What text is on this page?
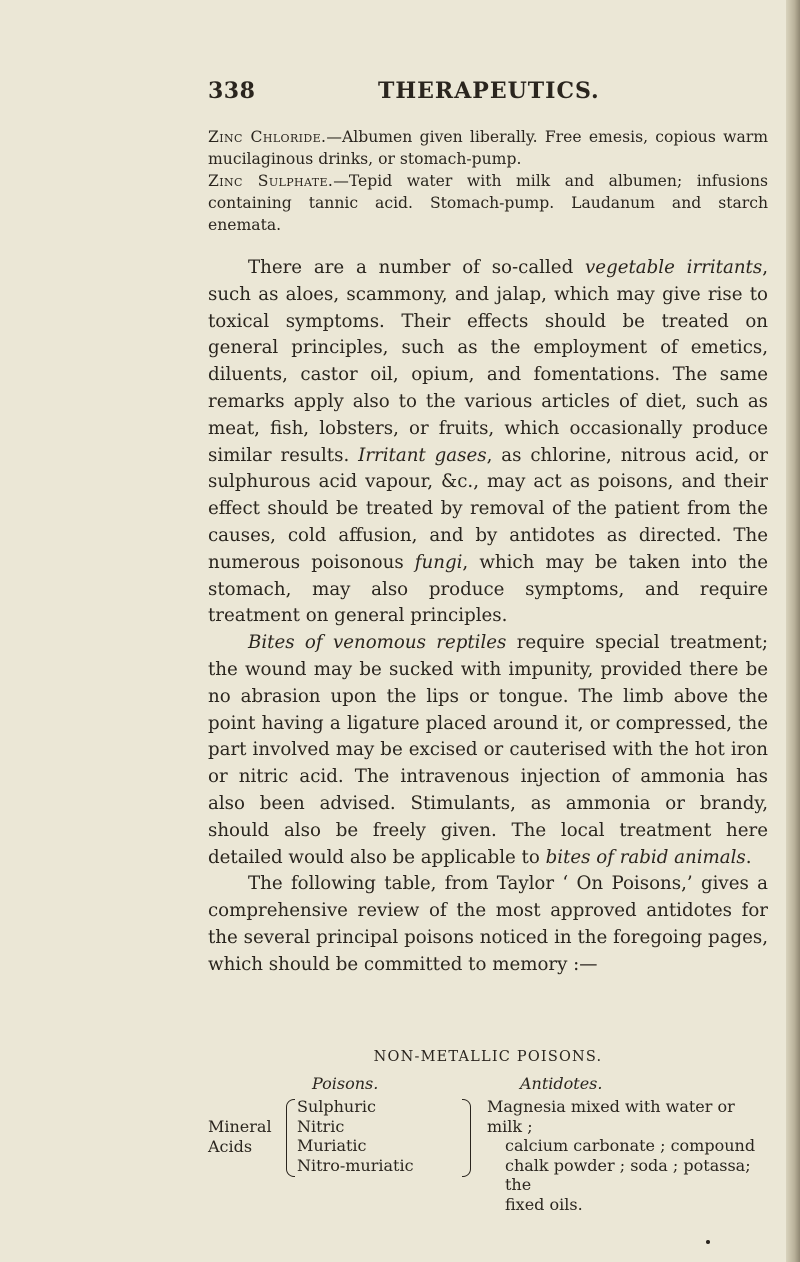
338	THERAPEUTICS.
Zinc Chloride.—Albumen given liberally. Free emesis, copious warm mucilaginous drinks, or stomach-pump.
Zinc Sulphate.—Tepid water with milk and albumen; infusions containing tannic acid. Stomach-pump. Laudanum and starch enemata.

There are a number of so-called vegetable irritants, such as aloes, scammony, and jalap, which may give rise to toxical symptoms. Their effects should be treated on general principles, such as the employment of emetics, diluents, castor oil, opium, and fomentations. The same remarks apply also to the various articles of diet, such as meat, fish, lobsters, or fruits, which occasionally produce similar results. Irritant gases, as chlorine, nitrous acid, or sulphurous acid vapour, &c., may act as poisons, and their effect should be treated by removal of the patient from the causes, cold affusion, and by antidotes as directed. The numerous poisonous fungi, which may be taken into the stomach, may also produce symptoms, and require treatment on general principles.

Bites of venomous reptiles require special treatment; the wound may be sucked with impunity, provided there be no abrasion upon the lips or tongue. The limb above the point having a ligature placed around it, or compressed, the part involved may be excised or cauterised with the hot iron or nitric acid. The intravenous injection of ammonia has also been advised. Stimulants, as ammonia or brandy, should also be freely given. The local treatment here detailed would also be applicable to bites of rabid animals.

The following table, from Taylor ‘ On Poisons,’ gives a comprehensive review of the most approved antidotes for the several principal poisons noticed in the foregoing pages, which should be committed to memory :—

NON-METALLIC POISONS.
Poisons.	Antidotes.
Mineral
Acids
Sulphuric
Nitric
Muriatic
Nitro-muriatic
Magnesia mixed with water or milk ;
calcium carbonate ; compound
chalk powder ; soda ; potassa; the
fixed oils.
